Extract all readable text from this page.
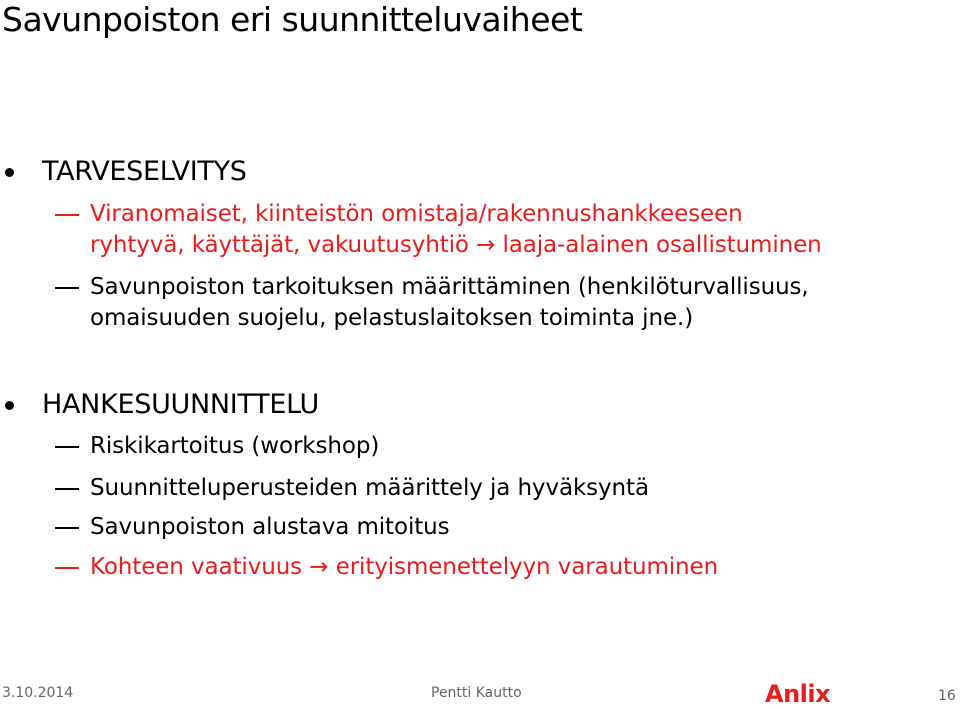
Savunpoiston eri suunnitteluvaiheet
TARVESELVITYS
Viranomaiset, kiinteistön omistaja/rakennushankkeeseen
ryhtyvä, käyttäjät, vakuutusyhtiö → laaja-alainen osallistuminen
Savunpoiston tarkoituksen määrittäminen (henkilöturvallisuus,
omaisuuden suojelu, pelastuslaitoksen toiminta jne.)
HANKESUUNNITTELU
Riskikartoitus (workshop)
Suunnitteluperusteiden määrittely ja hyväksyntä
Savunpoiston alustava mitoitus
Kohteen vaativuus → erityismenettelyyn varautuminen
3.10.2014	Pentti Kautto	Anlix	16
